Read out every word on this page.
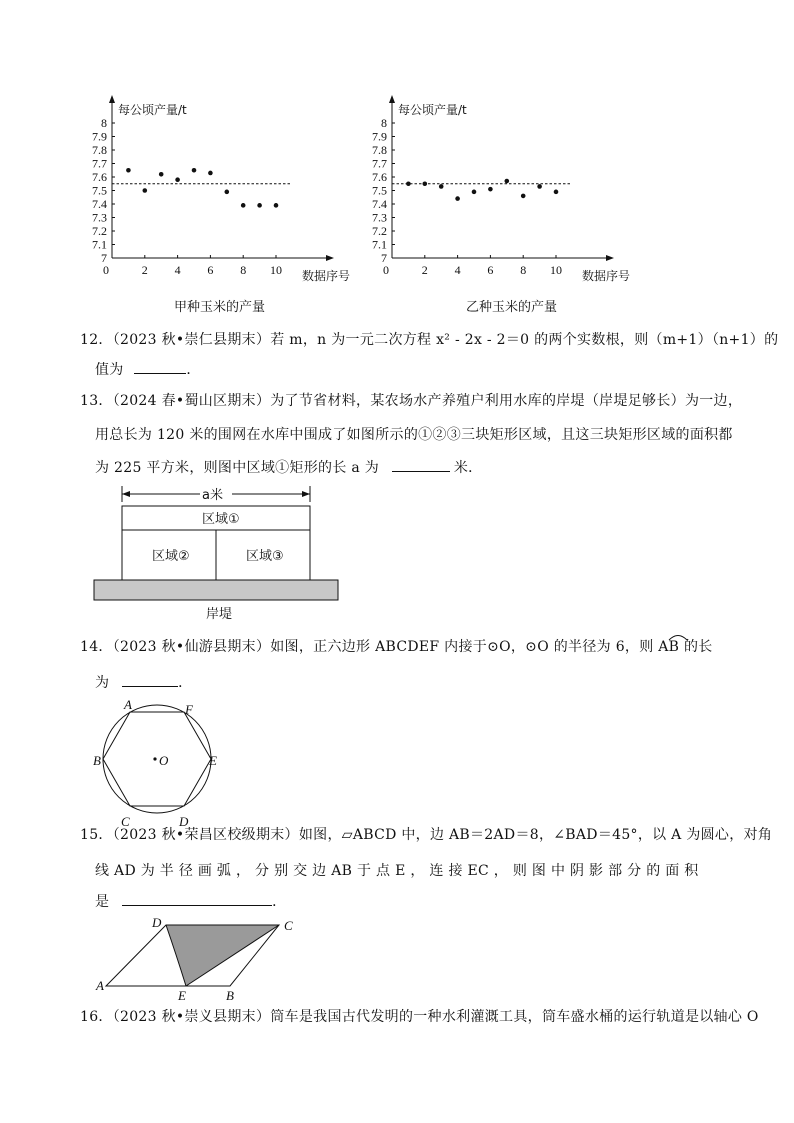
7
7.1
7.2
7.3
7.4
7.5
7.6
7.7
7.8
7.9
8
0	2 4 6 8 10
每公顷产量/t
数据序号
甲种玉米的产量
7
7.1
7.2
7.3
7.4
7.5
7.6
7.7
7.8
7.9
8
0	2 4 6 8 10
每公顷产量/t
数据序号
乙种玉米的产量
12．（2023 秋•崇仁县期末）若 m，n 为一元二次方程 x² - 2x - 2＝0 的两个实数根，则（m+1）（n+1）的
值为	．
13．（2024 春•蜀山区期末）为了节省材料，某农场水产养殖户利用水库的岸堤（岸堤足够长）为一边，
用总长为 120 米的围网在水库中围成了如图所示的①②③三块矩形区域，且这三块矩形区域的面积都
为 225 平方米，则图中区域①矩形的长 a 为	米．
a米
区域①
区域②	区域③
岸堤
14．（2023 秋•仙游县期末）如图，正六边形 ABCDEF 内接于⊙O，⊙O 的半径为 6，则 AB 的长
为	．
A	F
B	E
O
C	D
15．（2023 秋•荣昌区校级期末）如图，▱ABCD 中，边 AB＝2AD＝8，∠BAD＝45°，以 A 为圆心，对角
线 AD 为 半 径 画 弧 ， 分 别 交 边 AB 于 点 E ， 连 接 EC ， 则 图 中 阴 影 部 分 的 面 积
是	．
A
B
C
D
E
16．（2023 秋•崇义县期末）筒车是我国古代发明的一种水利灌溉工具，筒车盛水桶的运行轨道是以轴心 O
